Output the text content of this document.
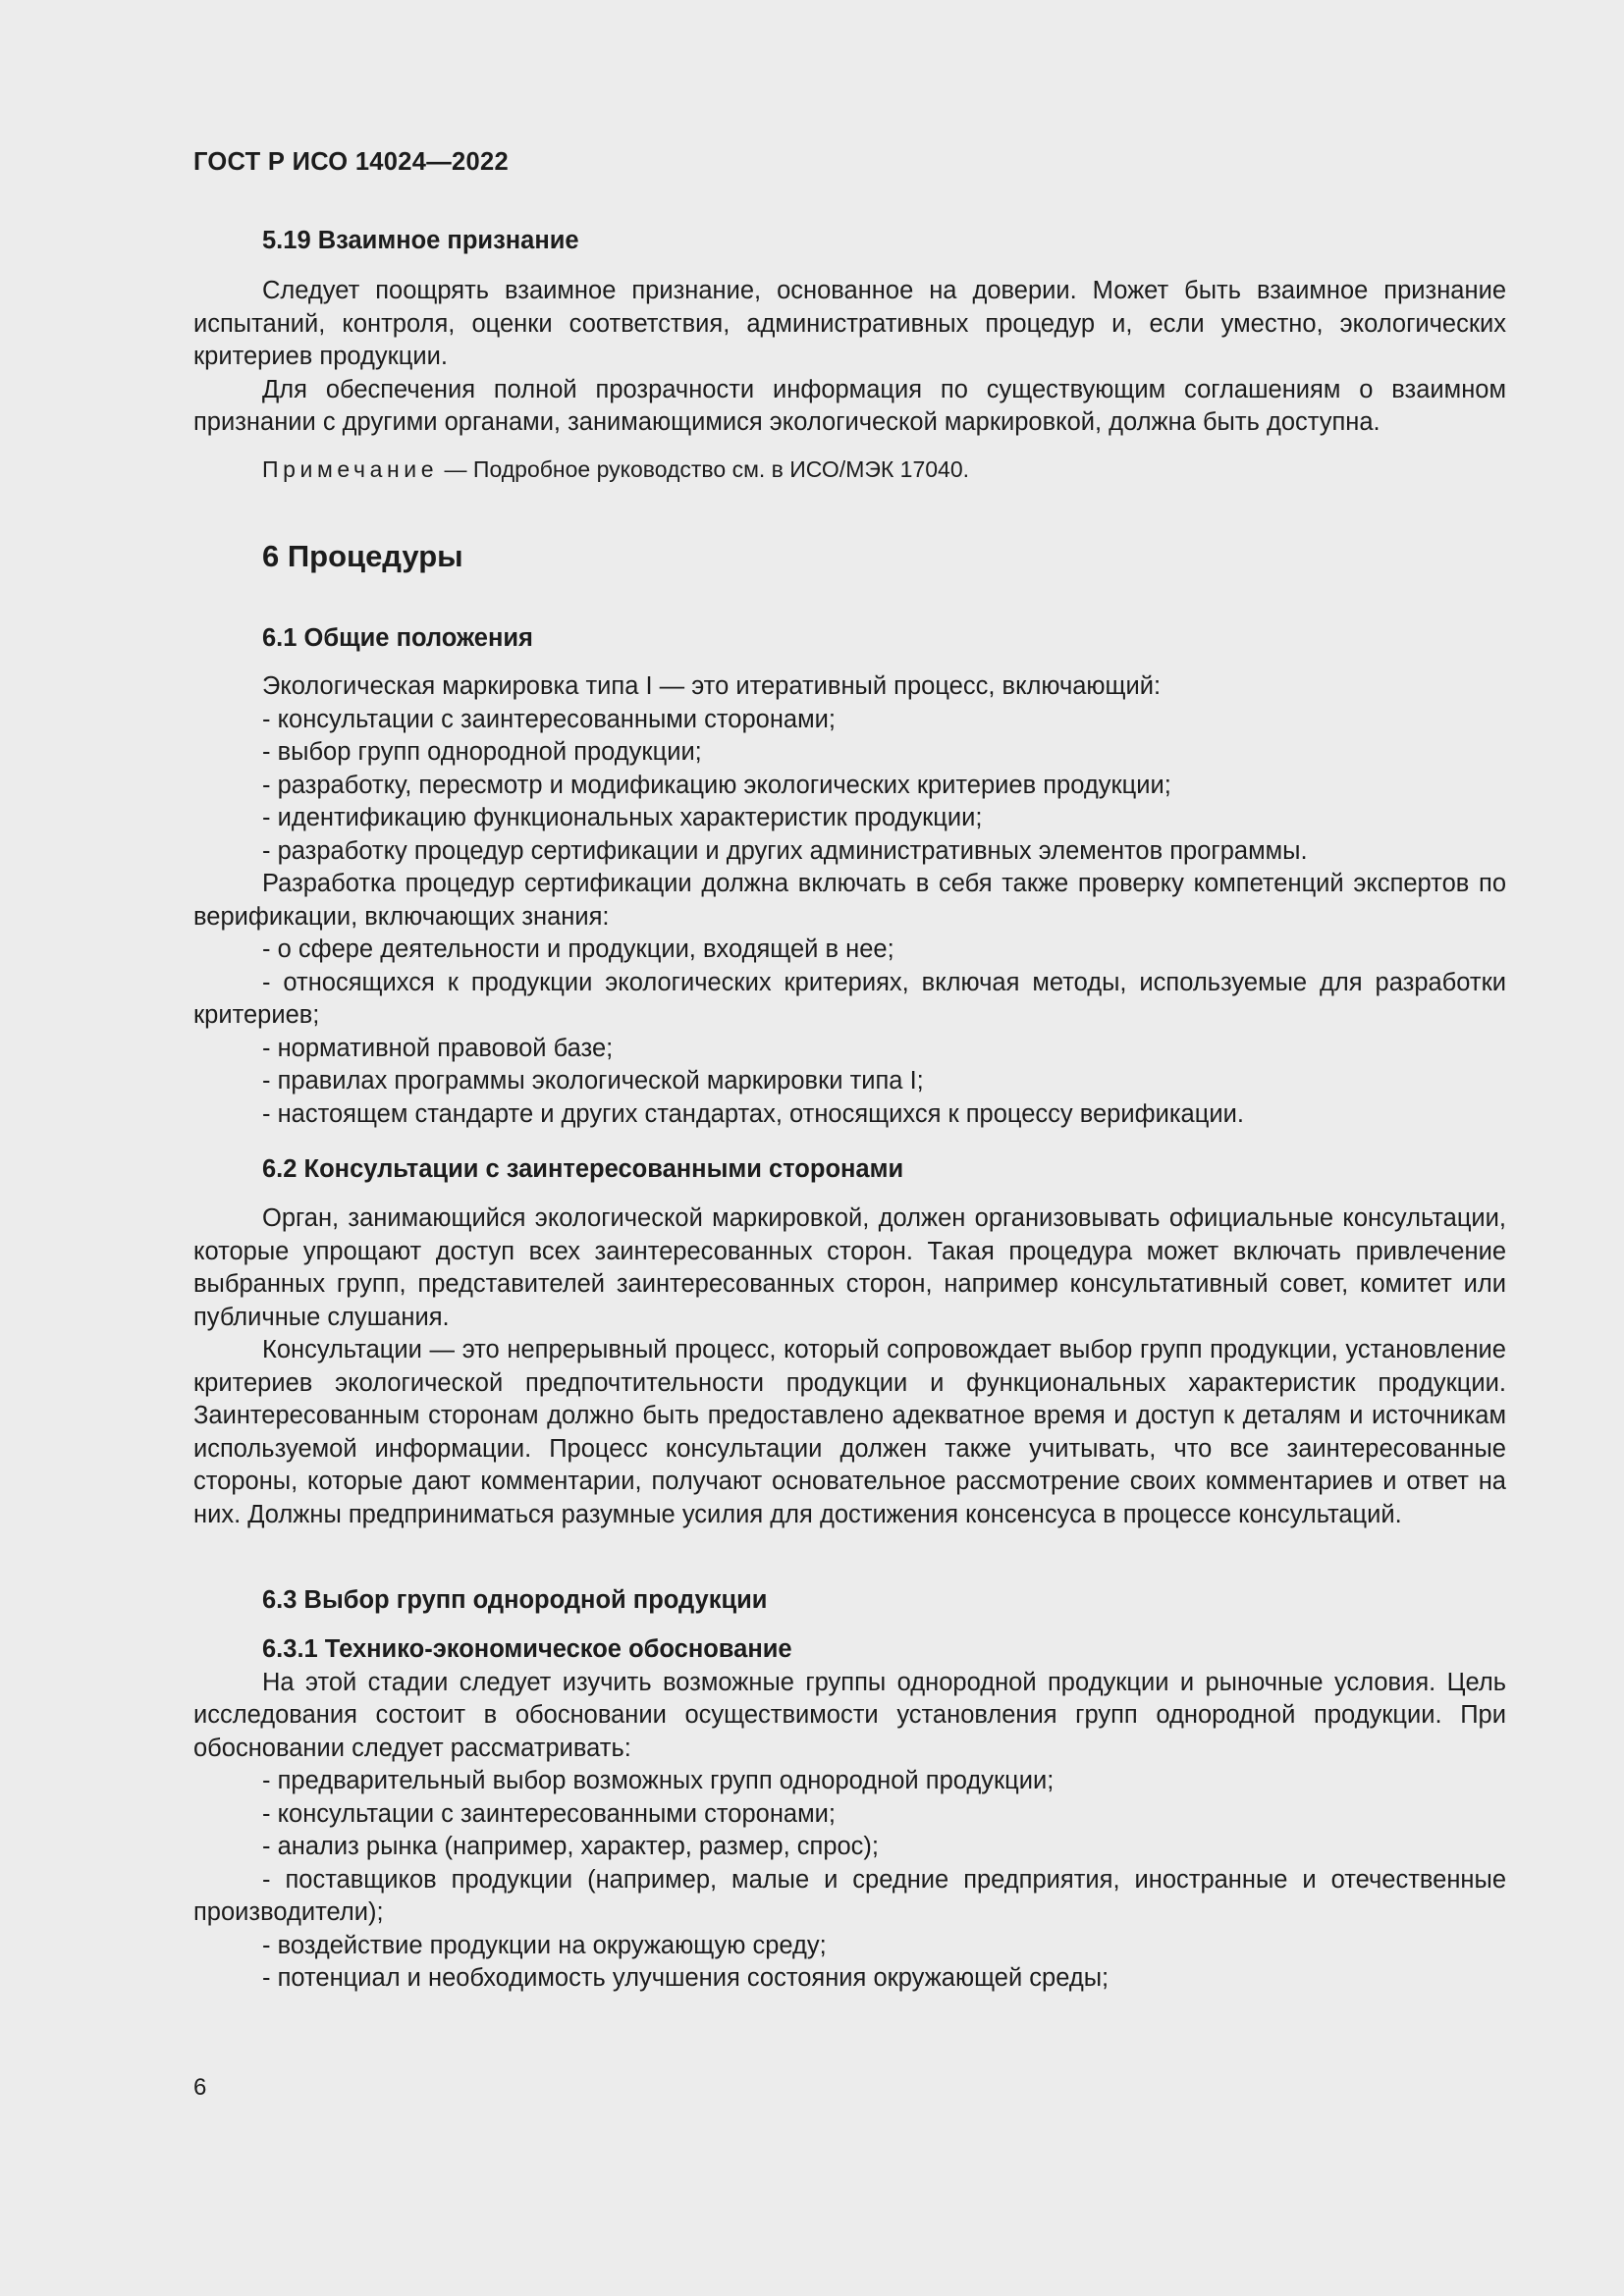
ГОСТ Р ИСО 14024—2022

5.19 Взаимное признание

Следует поощрять взаимное признание, основанное на доверии. Может быть взаимное признание испытаний, контроля, оценки соответствия, административных процедур и, если уместно, экологических критериев продукции.

Для обеспечения полной прозрачности информация по существующим соглашениям о взаимном признании с другими органами, занимающимися экологической маркировкой, должна быть доступна.

Примечание — Подробное руководство см. в ИСО/МЭК 17040.

6 Процедуры

6.1 Общие положения

Экологическая маркировка типа I — это итеративный процесс, включающий:

- консультации с заинтересованными сторонами;

- выбор групп однородной продукции;

- разработку, пересмотр и модификацию экологических критериев продукции;

- идентификацию функциональных характеристик продукции;

- разработку процедур сертификации и других административных элементов программы.

Разработка процедур сертификации должна включать в себя также проверку компетенций экспертов по верификации, включающих знания:

- о сфере деятельности и продукции, входящей в нее;

- относящихся к продукции экологических критериях, включая методы, используемые для разработки критериев;

- нормативной правовой базе;

- правилах программы экологической маркировки типа I;

- настоящем стандарте и других стандартах, относящихся к процессу верификации.

6.2 Консультации с заинтересованными сторонами

Орган, занимающийся экологической маркировкой, должен организовывать официальные консультации, которые упрощают доступ всех заинтересованных сторон. Такая процедура может включать привлечение выбранных групп, представителей заинтересованных сторон, например консультативный совет, комитет или публичные слушания.

Консультации — это непрерывный процесс, который сопровождает выбор групп продукции, установление критериев экологической предпочтительности продукции и функциональных характеристик продукции. Заинтересованным сторонам должно быть предоставлено адекватное время и доступ к деталям и источникам используемой информации. Процесс консультации должен также учитывать, что все заинтересованные стороны, которые дают комментарии, получают основательное рассмотрение своих комментариев и ответ на них. Должны предприниматься разумные усилия для достижения консенсуса в процессе консультаций.

6.3 Выбор групп однородной продукции

6.3.1 Технико-экономическое обоснование

На этой стадии следует изучить возможные группы однородной продукции и рыночные условия. Цель исследования состоит в обосновании осуществимости установления групп однородной продукции. При обосновании следует рассматривать:

- предварительный выбор возможных групп однородной продукции;

- консультации с заинтересованными сторонами;

- анализ рынка (например, характер, размер, спрос);

- поставщиков продукции (например, малые и средние предприятия, иностранные и отечественные производители);

- воздействие продукции на окружающую среду;

- потенциал и необходимость улучшения состояния окружающей среды;

6
